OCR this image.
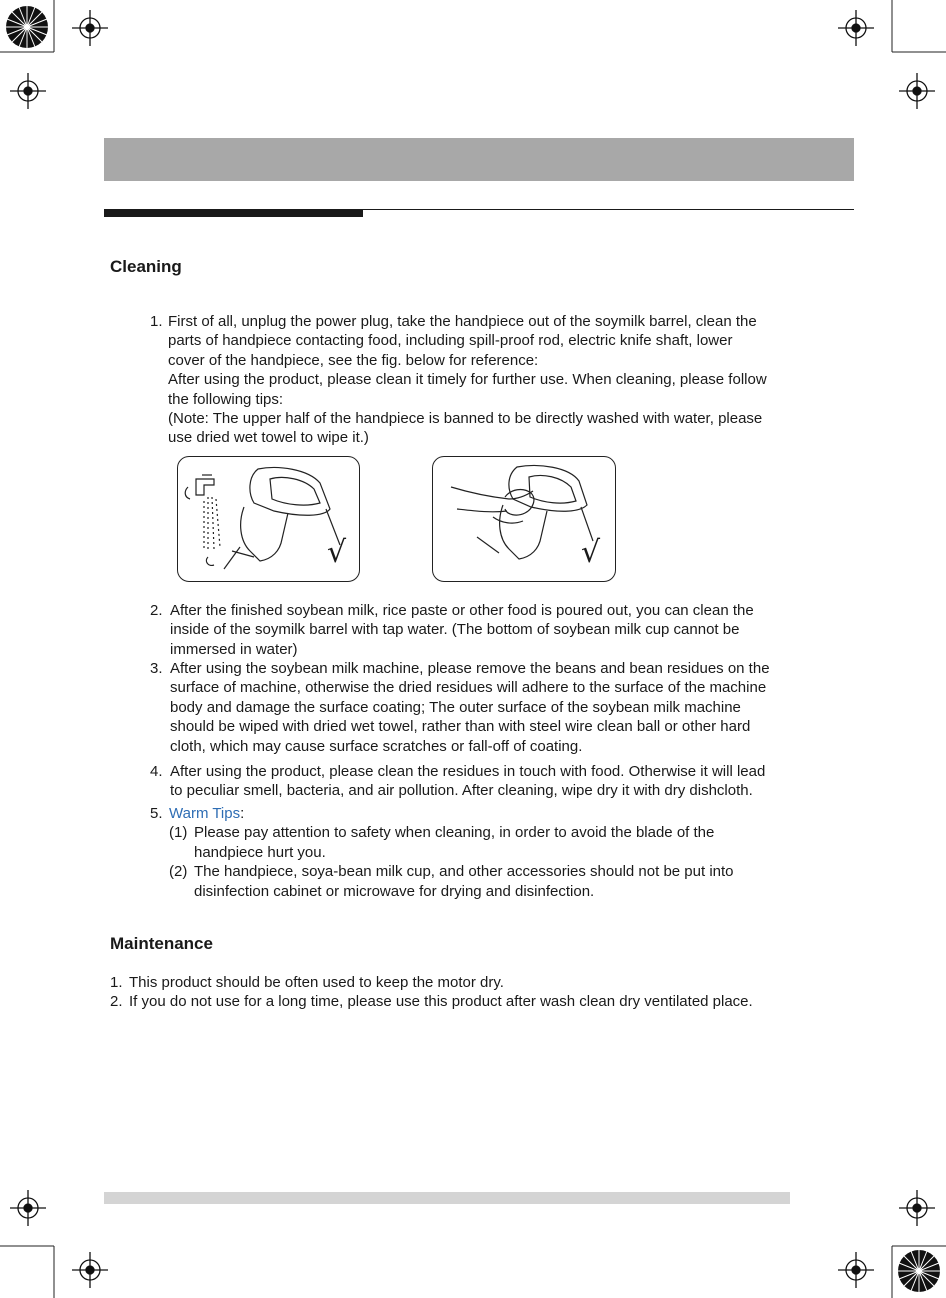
Cleaning
1. First of all, unplug the power plug, take the handpiece out of the soymilk barrel, clean the

parts of handpiece contacting food, including spill-proof rod, electric knife shaft, lower

cover of the handpiece, see the fig. below for reference:

After using the product, please clean it timely for further use. When cleaning, please follow

the following tips:

(Note: The upper half of the handpiece is banned to be directly washed with water, please

use dried wet towel to wipe it.)

√	√
2. After the finished soybean milk, rice paste or other food is poured out, you can clean the

inside of the soymilk barrel with tap water. (The bottom of soybean milk cup cannot be

immersed in water)

3. After using the soybean milk machine, please remove the beans and bean residues on the

surface of machine, otherwise the dried residues will adhere to the surface of the machine

body and damage the surface coating; The outer surface of the soybean milk machine

should be wiped with dried wet towel, rather than with steel wire clean ball or other hard

cloth, which may cause surface scratches or fall-off of coating.

4. After using the product, please clean the residues in touch with food. Otherwise it will lead

to peculiar smell, bacteria, and air pollution. After cleaning, wipe dry it with dry dishcloth.

5. Warm Tips:

(1) Please pay attention to safety when cleaning, in order to avoid the blade of the

handpiece hurt you.

(2) The handpiece, soya-bean milk cup, and other accessories should not be put into

disinfection cabinet or microwave for drying and disinfection.

Maintenance
1. This product should be often used to keep the motor dry.

2. If you do not use for a long time, please use this product after wash clean dry ventilated place.
